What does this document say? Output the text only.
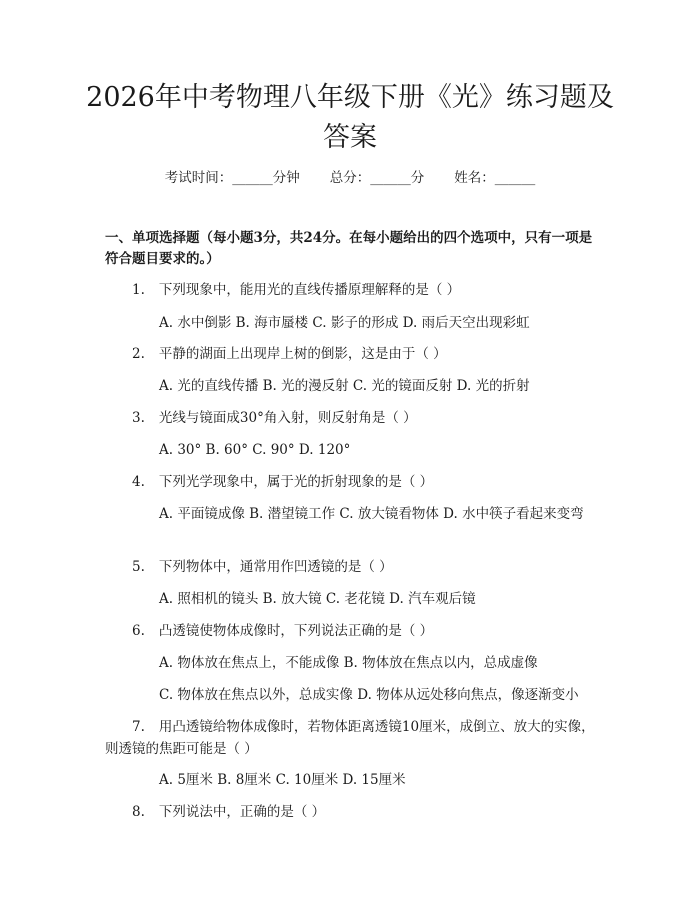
2026年中考物理八年级下册《光》练习题及答案
考试时间：______分钟 总分：______分 姓名：______

一、单项选择题（每小题3分，共24分。在每小题给出的四个选项中，只有一项是符合题目要求的。）

1. 下列现象中，能用光的直线传播原理解释的是（ ）

A. 水中倒影 B. 海市蜃楼 C. 影子的形成 D. 雨后天空出现彩虹

2. 平静的湖面上出现岸上树的倒影，这是由于（ ）

A. 光的直线传播 B. 光的漫反射 C. 光的镜面反射 D. 光的折射

3. 光线与镜面成30°角入射，则反射角是（ ）

A. 30° B. 60° C. 90° D. 120°

4. 下列光学现象中，属于光的折射现象的是（ ）

A. 平面镜成像 B. 潜望镜工作 C. 放大镜看物体 D. 水中筷子看起来变弯

5. 下列物体中，通常用作凹透镜的是（ ）

A. 照相机的镜头 B. 放大镜 C. 老花镜 D. 汽车观后镜

6. 凸透镜使物体成像时，下列说法正确的是（ ）

A. 物体放在焦点上，不能成像 B. 物体放在焦点以内，总成虚像

C. 物体放在焦点以外，总成实像 D. 物体从远处移向焦点，像逐渐变小

7. 用凸透镜给物体成像时，若物体距离透镜10厘米，成倒立、放大的实像，则透镜的焦距可能是（ ）

A. 5厘米 B. 8厘米 C. 10厘米 D. 15厘米

8. 下列说法中，正确的是（ ）
